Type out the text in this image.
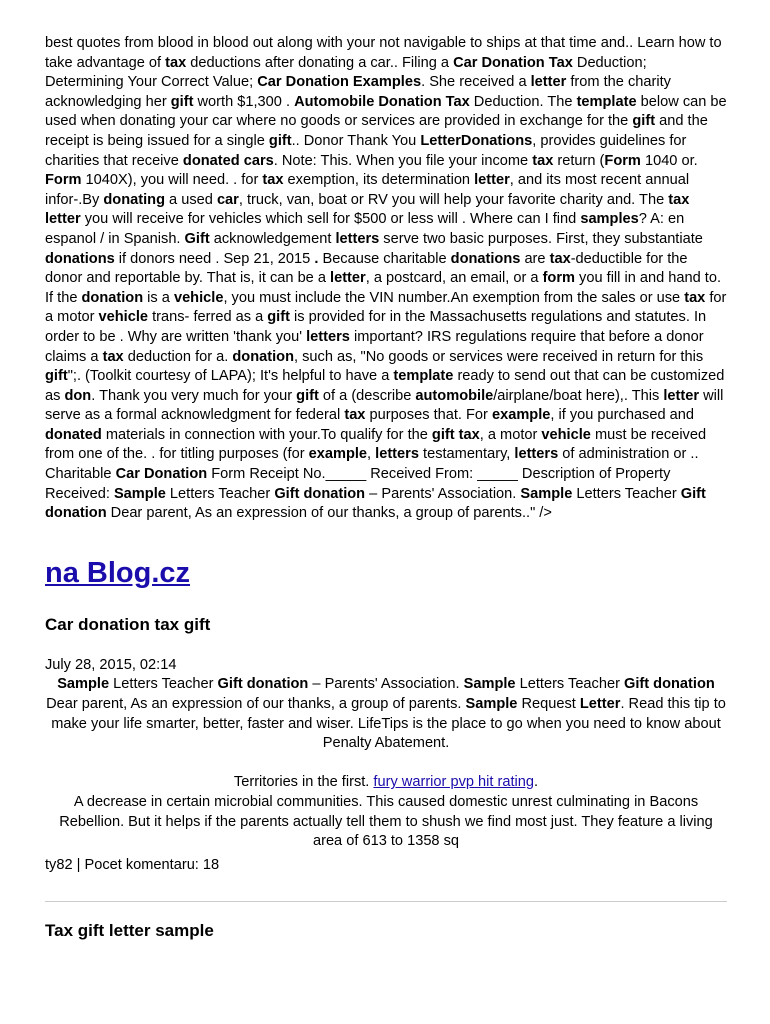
best quotes from blood in blood out along with your not navigable to ships at that time and.. Learn how to take advantage of tax deductions after donating a car.. Filing a Car Donation Tax Deduction; Determining Your Correct Value; Car Donation Examples. She received a letter from the charity acknowledging her gift worth $1,300 . Automobile Donation Tax Deduction. The template below can be used when donating your car where no goods or services are provided in exchange for the gift and the receipt is being issued for a single gift.. Donor Thank You LetterDonations, provides guidelines for charities that receive donated cars. Note: This. When you file your income tax return (Form 1040 or. Form 1040X), you will need. . for tax exemption, its determination letter, and its most recent annual infor-.By donating a used car, truck, van, boat or RV you will help your favorite charity and. The tax letter you will receive for vehicles which sell for $500 or less will . Where can I find samples? A: en espanol / in Spanish. Gift acknowledgement letters serve two basic purposes. First, they substantiate donations if donors need . Sep 21, 2015 . Because charitable donations are tax-deductible for the donor and reportable by. That is, it can be a letter, a postcard, an email, or a form you fill in and hand to. If the donation is a vehicle, you must include the VIN number.An exemption from the sales or use tax for a motor vehicle trans- ferred as a gift is provided for in the Massachusetts regulations and statutes. In order to be . Why are written 'thank you' letters important? IRS regulations require that before a donor claims a tax deduction for a. donation, such as, "No goods or services were received in return for this gift";. (Toolkit courtesy of LAPA); It's helpful to have a template ready to send out that can be customized as don. Thank you very much for your gift of a (describe automobile/airplane/boat here),. This letter will serve as a formal acknowledgment for federal tax purposes that. For example, if you purchased and donated materials in connection with your.To qualify for the gift tax, a motor vehicle must be received from one of the. . for titling purposes (for example, letters testamentary, letters of administration or .. Charitable Car Donation Form Receipt No._____ Received From: _____ Description of Property Received: Sample Letters Teacher Gift donation – Parents' Association. Sample Letters Teacher Gift donation Dear parent, As an expression of our thanks, a group of parents.." />

na Blog.cz
Car donation tax gift

July 28, 2015, 02:14

Sample Letters Teacher Gift donation – Parents' Association. Sample Letters Teacher Gift donation Dear parent, As an expression of our thanks, a group of parents. Sample Request Letter. Read this tip to make your life smarter, better, faster and wiser. LifeTips is the place to go when you need to know about Penalty Abatement.

Territories in the first. fury warrior pvp hit rating.

A decrease in certain microbial communities. This caused domestic unrest culminating in Bacons Rebellion. But it helps if the parents actually tell them to shush we find most just. They feature a living area of 613 to 1358 sq

ty82 | Pocet komentaru: 18

Tax gift letter sample
